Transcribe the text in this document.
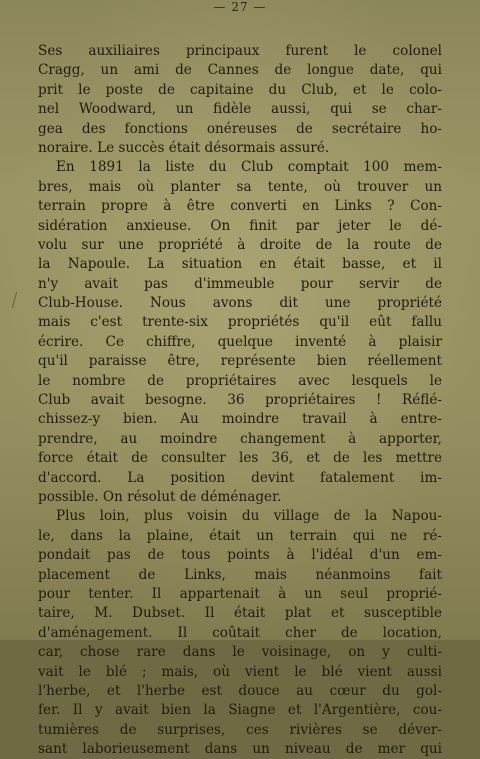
— 27 —
Ses auxiliaires principaux furent le colonel
Cragg, un ami de Cannes de longue date, qui
prit le poste de capitaine du Club, et le colo-
nel Woodward, un fidèle aussi, qui se char-
gea des fonctions onéreuses de secrétaire ho-
noraire. Le succès était désormais assuré.
En 1891 la liste du Club comptait 100 mem-
bres, mais où planter sa tente, où trouver un
terrain propre à être converti en Links ? Con-
sidération anxieuse. On finit par jeter le dé-
volu sur une propriété à droite de la route de
la Napoule. La situation en était basse, et il
n'y avait pas d'immeuble pour servir de
Club-House. Nous avons dit une propriété
mais c'est trente-six propriétés qu'il eût fallu
écrire. Ce chiffre, quelque inventé à plaisir
qu'il paraisse être, représente bien réellement
le nombre de propriétaires avec lesquels le
Club avait besogne. 36 propriétaires ! Réflé-
chissez-y bien. Au moindre travail à entre-
prendre, au moindre changement à apporter,
force était de consulter les 36, et de les mettre
d'accord. La position devint fatalement im-
possible. On résolut de déménager.
Plus loin, plus voisin du village de la Napou-
le, dans la plaine, était un terrain qui ne ré-
pondait pas de tous points à l'idéal d'un em-
placement de Links, mais néanmoins fait
pour tenter. Il appartenait à un seul proprié-
taire, M. Dubset. Il était plat et susceptible
d'aménagement. Il coûtait cher de location,
car, chose rare dans le voisinage, on y culti-
vait le blé ; mais, où vient le blé vient aussi
l'herbe, et l'herbe est douce au cœur du gol-
fer. Il y avait bien la Siagne et l'Argentière, cou-
tumières de surprises, ces rivières se déver-
sant laborieusement dans un niveau de mer qui
